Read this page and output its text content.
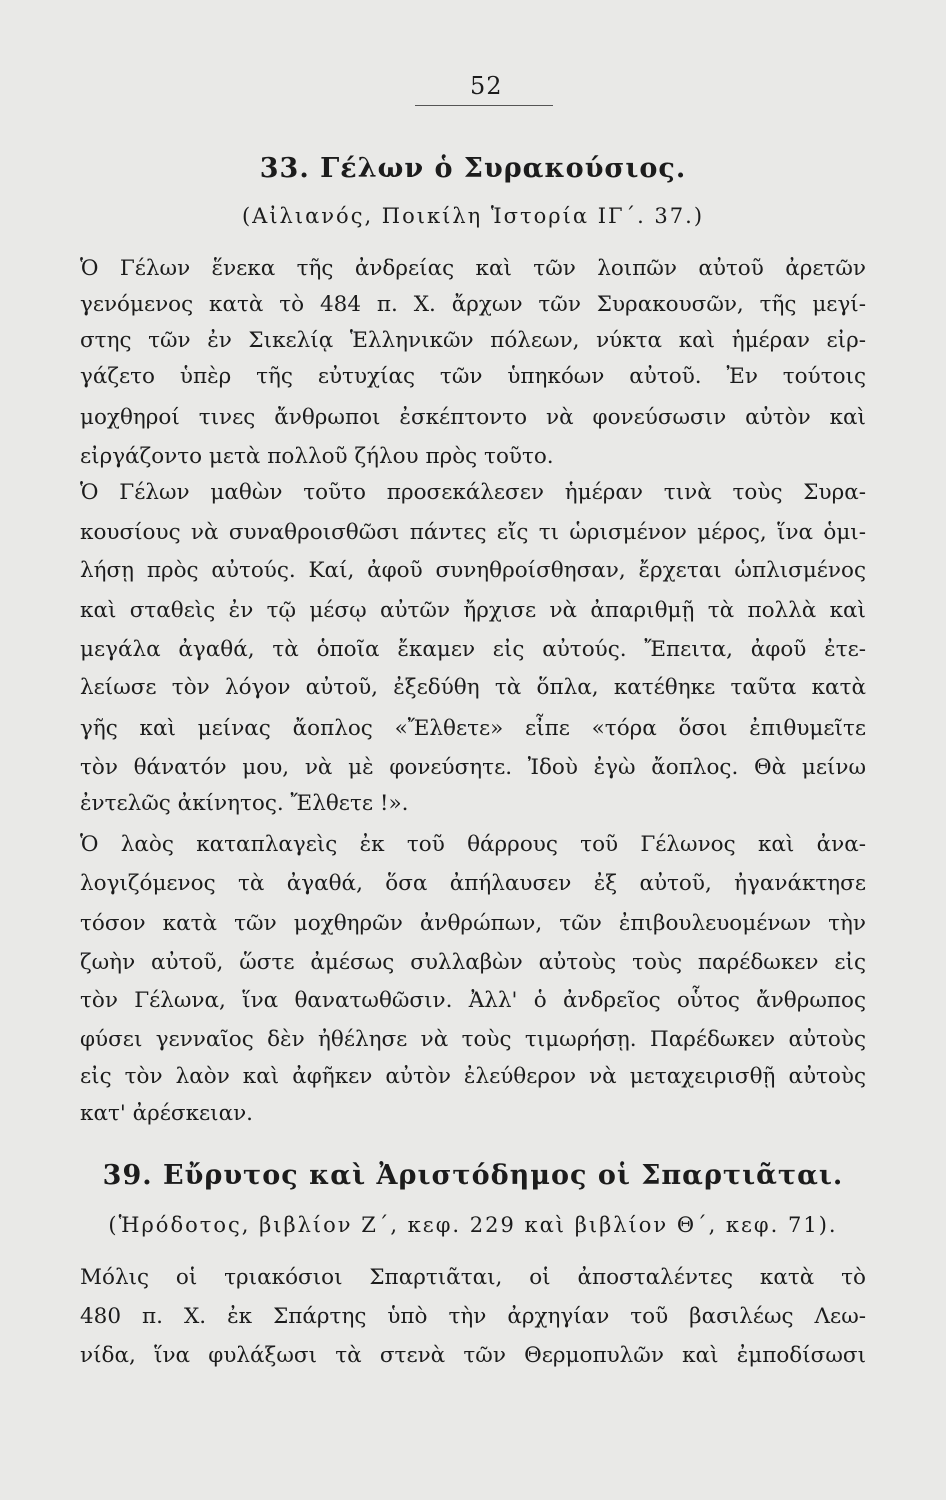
52
33. Γέλων ὁ Συρακούσιος.
(Αἰλιανός, Ποικίλη Ἱστορία ΙΓ΄. 37.)
Ὁ Γέλων ἕνεκα τῆς ἀνδρείας καὶ τῶν λοιπῶν αὐτοῦ ἀρετῶν
γενόμενος κατὰ τὸ 484 π. Χ. ἄρχων τῶν Συρακουσῶν, τῆς μεγί-
στης τῶν ἐν Σικελίᾳ Ἑλληνικῶν πόλεων, νύκτα καὶ ἡμέραν εἰρ-
γάζετο ὑπὲρ τῆς εὐτυχίας τῶν ὑπηκόων αὐτοῦ. Ἐν τούτοις
μοχθηροί τινες ἄνθρωποι ἐσκέπτοντο νὰ φονεύσωσιν αὐτὸν καὶ
εἰργάζοντο μετὰ πολλοῦ ζήλου πρὸς τοῦτο.
Ὁ Γέλων μαθὼν τοῦτο προσεκάλεσεν ἡμέραν τινὰ τοὺς Συρα-
κουσίους νὰ συναθροισθῶσι πάντες εἴς τι ὡρισμένον μέρος, ἵνα ὁμι-
λήσῃ πρὸς αὐτούς. Καί, ἀφοῦ συνηθροίσθησαν, ἔρχεται ὡπλισμένος
καὶ σταθεὶς ἐν τῷ μέσῳ αὐτῶν ἤρχισε νὰ ἀπαριθμῇ τὰ πολλὰ καὶ
μεγάλα ἀγαθά, τὰ ὁποῖα ἔκαμεν εἰς αὐτούς. Ἔπειτα, ἀφοῦ ἐτε-
λείωσε τὸν λόγον αὐτοῦ, ἐξεδύθη τὰ ὅπλα, κατέθηκε ταῦτα κατὰ
γῆς καὶ μείνας ἄοπλος «Ἔλθετε» εἶπε «τόρα ὅσοι ἐπιθυμεῖτε
τὸν θάνατόν μου, νὰ μὲ φονεύσητε. Ἰδοὺ ἐγὼ ἄοπλος. Θὰ μείνω
ἐντελῶς ἀκίνητος. Ἔλθετε !».
Ὁ λαὸς καταπλαγεὶς ἐκ τοῦ θάρρους τοῦ Γέλωνος καὶ ἀνα-
λογιζόμενος τὰ ἀγαθά, ὅσα ἀπήλαυσεν ἐξ αὐτοῦ, ἠγανάκτησε
τόσον κατὰ τῶν μοχθηρῶν ἀνθρώπων, τῶν ἐπιβουλευομένων τὴν
ζωὴν αὐτοῦ, ὥστε ἀμέσως συλλαβὼν αὐτοὺς τοὺς παρέδωκεν εἰς
τὸν Γέλωνα, ἵνα θανατωθῶσιν. Ἀλλ' ὁ ἀνδρεῖος οὗτος ἄνθρωπος
φύσει γενναῖος δὲν ἠθέλησε νὰ τοὺς τιμωρήσῃ. Παρέδωκεν αὐτοὺς
εἰς τὸν λαὸν καὶ ἀφῆκεν αὐτὸν ἐλεύθερον νὰ μεταχειρισθῇ αὐτοὺς
κατ' ἀρέσκειαν.
39. Εὔρυτος καὶ Ἀριστόδημος οἱ Σπαρτιᾶται.
(Ἡρόδοτος, βιβλίον Ζ΄, κεφ. 229 καὶ βιβλίον Θ΄, κεφ. 71).
Μόλις οἱ τριακόσιοι Σπαρτιᾶται, οἱ ἀποσταλέντες κατὰ τὸ
480 π. Χ. ἐκ Σπάρτης ὑπὸ τὴν ἀρχηγίαν τοῦ βασιλέως Λεω-
νίδα, ἵνα φυλάξωσι τὰ στενὰ τῶν Θερμοπυλῶν καὶ ἐμποδίσωσι
